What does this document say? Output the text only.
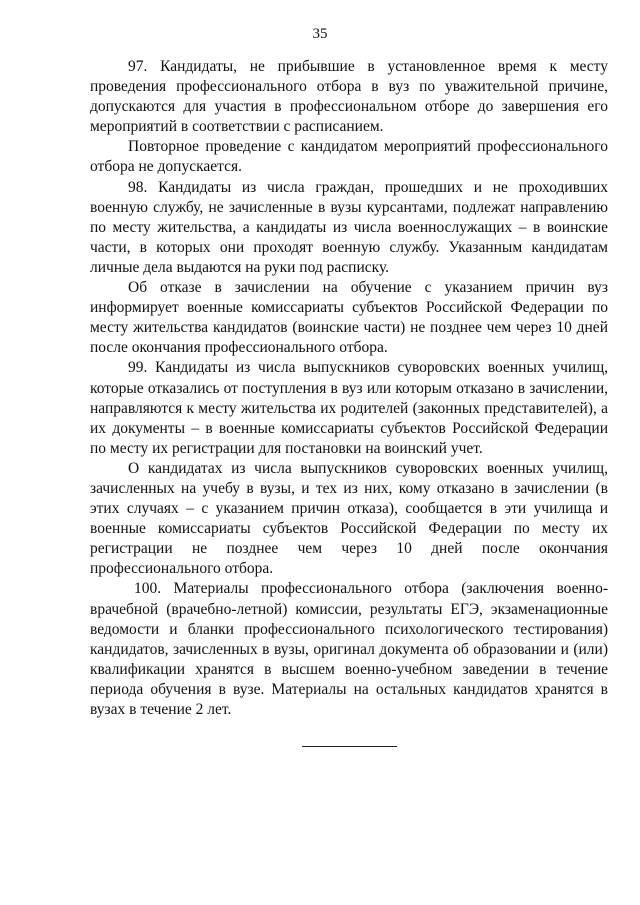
35

97. Кандидаты, не прибывшие в установленное время к месту проведения профессионального отбора в вуз по уважительной причине, допускаются для участия в профессиональном отборе до завершения его мероприятий в соответствии с расписанием.

Повторное проведение с кандидатом мероприятий профессионального отбора не допускается.

98. Кандидаты из числа граждан, прошедших и не проходивших военную службу, не зачисленные в вузы курсантами, подлежат направлению по месту жительства, а кандидаты из числа военнослужащих – в воинские части, в которых они проходят военную службу. Указанным кандидатам личные дела выдаются на руки под расписку.

Об отказе в зачислении на обучение с указанием причин вуз информирует военные комиссариаты субъектов Российской Федерации по месту жительства кандидатов (воинские части) не позднее чем через 10 дней после окончания профессионального отбора.

99. Кандидаты из числа выпускников суворовских военных училищ, которые отказались от поступления в вуз или которым отказано в зачислении, направляются к месту жительства их родителей (законных представителей), а их документы – в военные комиссариаты субъектов Российской Федерации по месту их регистрации для постановки на воинский учет.

О кандидатах из числа выпускников суворовских военных училищ, зачисленных на учебу в вузы, и тех из них, кому отказано в зачислении (в этих случаях – с указанием причин отказа), сообщается в эти училища и военные комиссариаты субъектов Российской Федерации по месту их регистрации не позднее чем через 10 дней после окончания профессионального отбора.

100. Материалы профессионального отбора (заключения военно-врачебной (врачебно-летной) комиссии, результаты ЕГЭ, экзаменационные ведомости и бланки профессионального психологического тестирования) кандидатов, зачисленных в вузы, оригинал документа об образовании и (или) квалификации хранятся в высшем военно-учебном заведении в течение периода обучения в вузе. Материалы на остальных кандидатов хранятся в вузах в течение 2 лет.
